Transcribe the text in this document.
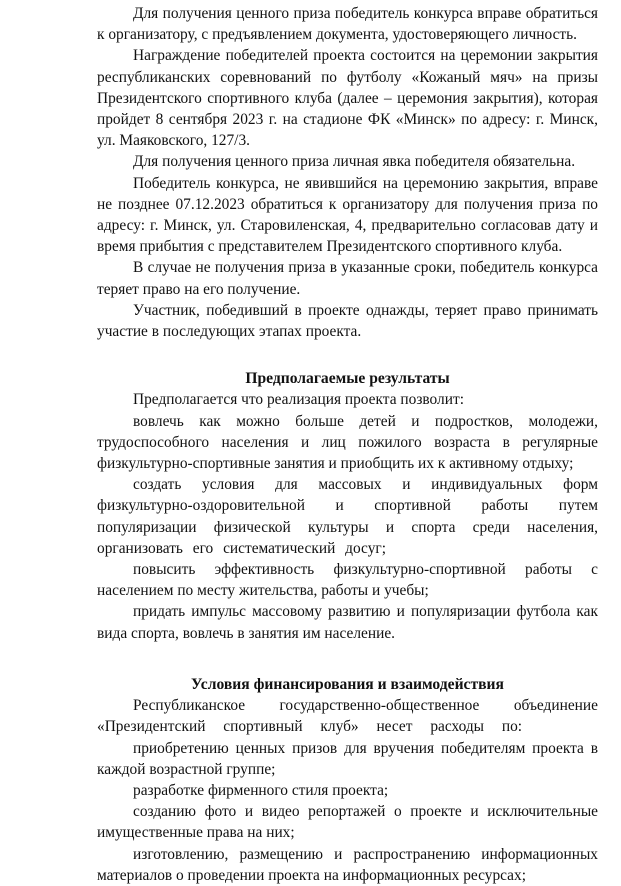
Для получения ценного приза победитель конкурса вправе обратиться к организатору, с предъявлением документа, удостоверяющего личность.

Награждение победителей проекта состоится на церемонии закрытия республиканских соревнований по футболу «Кожаный мяч» на призы Президентского спортивного клуба (далее – церемония закрытия), которая пройдет 8 сентября 2023 г. на стадионе ФК «Минск» по адресу: г. Минск, ул. Маяковского, 127/3.

Для получения ценного приза личная явка победителя обязательна.

Победитель конкурса, не явившийся на церемонию закрытия, вправе не позднее 07.12.2023 обратиться к организатору для получения приза по адресу: г. Минск, ул. Старовиленская, 4, предварительно согласовав дату и время прибытия с представителем Президентского спортивного клуба.

В случае не получения приза в указанные сроки, победитель конкурса теряет право на его получение.

Участник, победивший в проекте однажды, теряет право принимать участие в последующих этапах проекта.

Предполагаемые результаты

Предполагается что реализация проекта позволит:

вовлечь как можно больше детей и подростков, молодежи, трудоспособного населения и лиц пожилого возраста в регулярные физкультурно-спортивные занятия и приобщить их к активному отдыху;

создать условия для массовых и индивидуальных форм физкультурно-оздоровительной и спортивной работы путем популяризации физической культуры и спорта среди населения, организовать его систематический досуг;

повысить эффективность физкультурно-спортивной работы с населением по месту жительства, работы и учебы;

придать импульс массовому развитию и популяризации футбола как вида спорта, вовлечь в занятия им население.

Условия финансирования и взаимодействия

Республиканское государственно-общественное объединение «Президентский спортивный клуб» несет расходы по:

приобретению ценных призов для вручения победителям проекта в каждой возрастной группе;

разработке фирменного стиля проекта;

созданию фото и видео репортажей о проекте и исключительные имущественные права на них;

изготовлению, размещению и распространению информационных материалов о проведении проекта на информационных ресурсах;
